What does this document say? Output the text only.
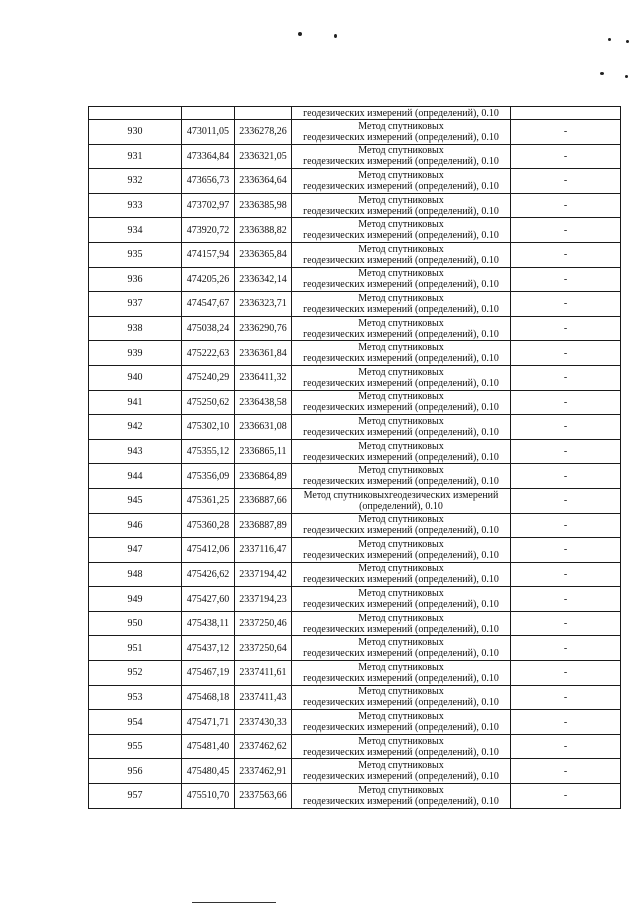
			геодезических измерений (определений), 0.10	

930	473011,05	2336278,26	Метод спутниковых
геодезических измерений (определений), 0.10	-
931	473364,84	2336321,05	Метод спутниковых
геодезических измерений (определений), 0.10	-
932	473656,73	2336364,64	Метод спутниковых
геодезических измерений (определений), 0.10	-
933	473702,97	2336385,98	Метод спутниковых
геодезических измерений (определений), 0.10	-
934	473920,72	2336388,82	Метод спутниковых
геодезических измерений (определений), 0.10	-
935	474157,94	2336365,84	Метод спутниковых
геодезических измерений (определений), 0.10	-
936	474205,26	2336342,14	Метод спутниковых
геодезических измерений (определений), 0.10	-
937	474547,67	2336323,71	Метод спутниковых
геодезических измерений (определений), 0.10	-
938	475038,24	2336290,76	Метод спутниковых
геодезических измерений (определений), 0.10	-
939	475222,63	2336361,84	Метод спутниковых
геодезических измерений (определений), 0.10	-
940	475240,29	2336411,32	Метод спутниковых
геодезических измерений (определений), 0.10	-
941	475250,62	2336438,58	Метод спутниковых
геодезических измерений (определений), 0.10	-
942	475302,10	2336631,08	Метод спутниковых
геодезических измерений (определений), 0.10	-
943	475355,12	2336865,11	Метод спутниковых
геодезических измерений (определений), 0.10	-
944	475356,09	2336864,89	Метод спутниковых
геодезических измерений (определений), 0.10	-
945	475361,25	2336887,66	Метод спутниковыхгеодезических измерений
(определений), 0.10	-
946	475360,28	2336887,89	Метод спутниковых
геодезических измерений (определений), 0.10	-
947	475412,06	2337116,47	Метод спутниковых
геодезических измерений (определений), 0.10	-
948	475426,62	2337194,42	Метод спутниковых
геодезических измерений (определений), 0.10	-
949	475427,60	2337194,23	Метод спутниковых
геодезических измерений (определений), 0.10	-
950	475438,11	2337250,46	Метод спутниковых
геодезических измерений (определений), 0.10	-
951	475437,12	2337250,64	Метод спутниковых
геодезических измерений (определений), 0.10	-
952	475467,19	2337411,61	Метод спутниковых
геодезических измерений (определений), 0.10	-
953	475468,18	2337411,43	Метод спутниковых
геодезических измерений (определений), 0.10	-
954	475471,71	2337430,33	Метод спутниковых
геодезических измерений (определений), 0.10	-
955	475481,40	2337462,62	Метод спутниковых
геодезических измерений (определений), 0.10	-
956	475480,45	2337462,91	Метод спутниковых
геодезических измерений (определений), 0.10	-
957	475510,70	2337563,66	Метод спутниковых
геодезических измерений (определений), 0.10	-
